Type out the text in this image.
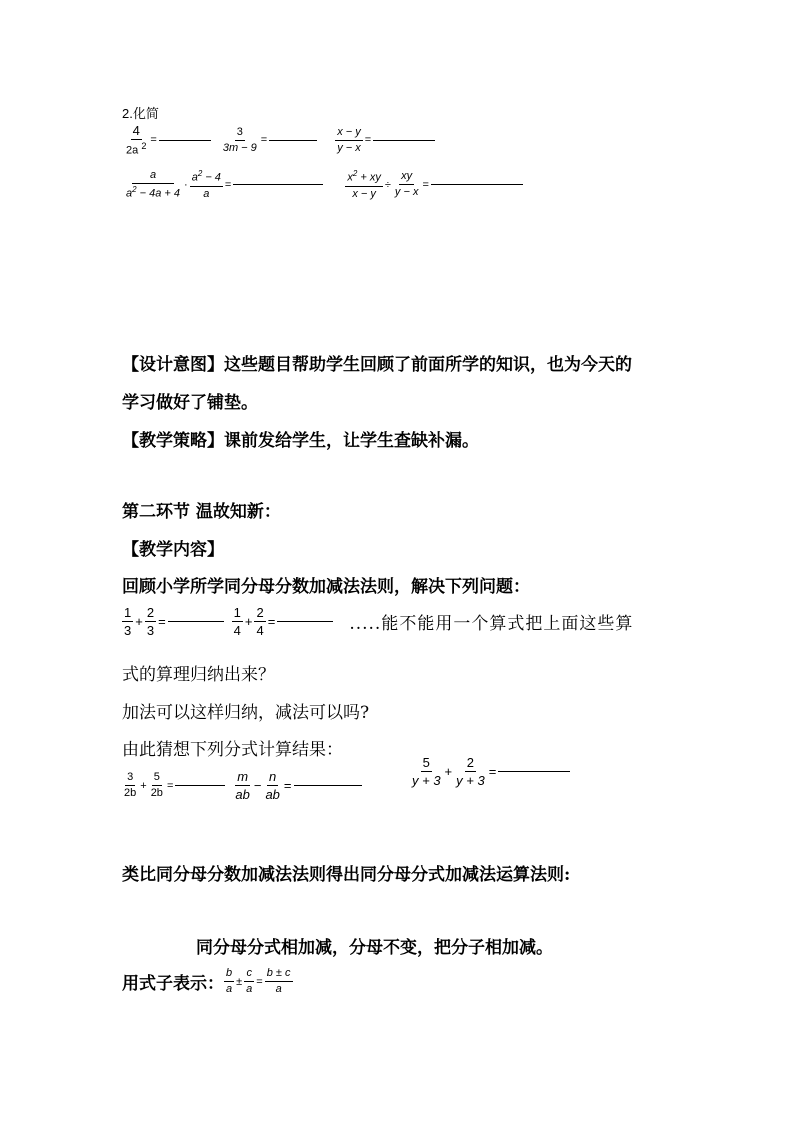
2.化简
$\frac{4}{2a ^2}$ =	$\frac{3}{3m - 9}$ =	$\frac{x - y}{y - x}$ =
$\frac{a}{a^2 - 4a + 4} \cdot \frac{a^2 - 4}{a}$ =	$\frac{x^2 + xy}{x - y} \div \frac{xy}{y - x}$ =
【设计意图】这些题目帮助学生回顾了前面所学的知识，也为今天的
学习做好了铺垫。
【教学策略】课前发给学生，让学生查缺补漏。
第二环节 温故知新：
【教学内容】
回顾小学所学同分母分数加减法法则，解决下列问题：
$\frac{1}{3} + \frac{2}{3}$ =	$\frac{1}{4} + \frac{2}{4}$ =	.....能不能用一个算式把上面这些算
式的算理归纳出来？
加法可以这样归纳，减法可以吗?
由此猜想下列分式计算结果：
$\frac{3}{2b} + \frac{5}{2b}$ =	$\frac{m}{ab} - \frac{n}{ab}$ =	$\frac{5}{y + 3} + \frac{2}{y + 3}$ =
类比同分母分数加减法法则得出同分母分式加减法运算法则:
同分母分式相加减，分母不变，把分子相加减。
用式子表示： $\frac{b}{a} \pm \frac{c}{a} = \frac{b \pm c}{a}$
